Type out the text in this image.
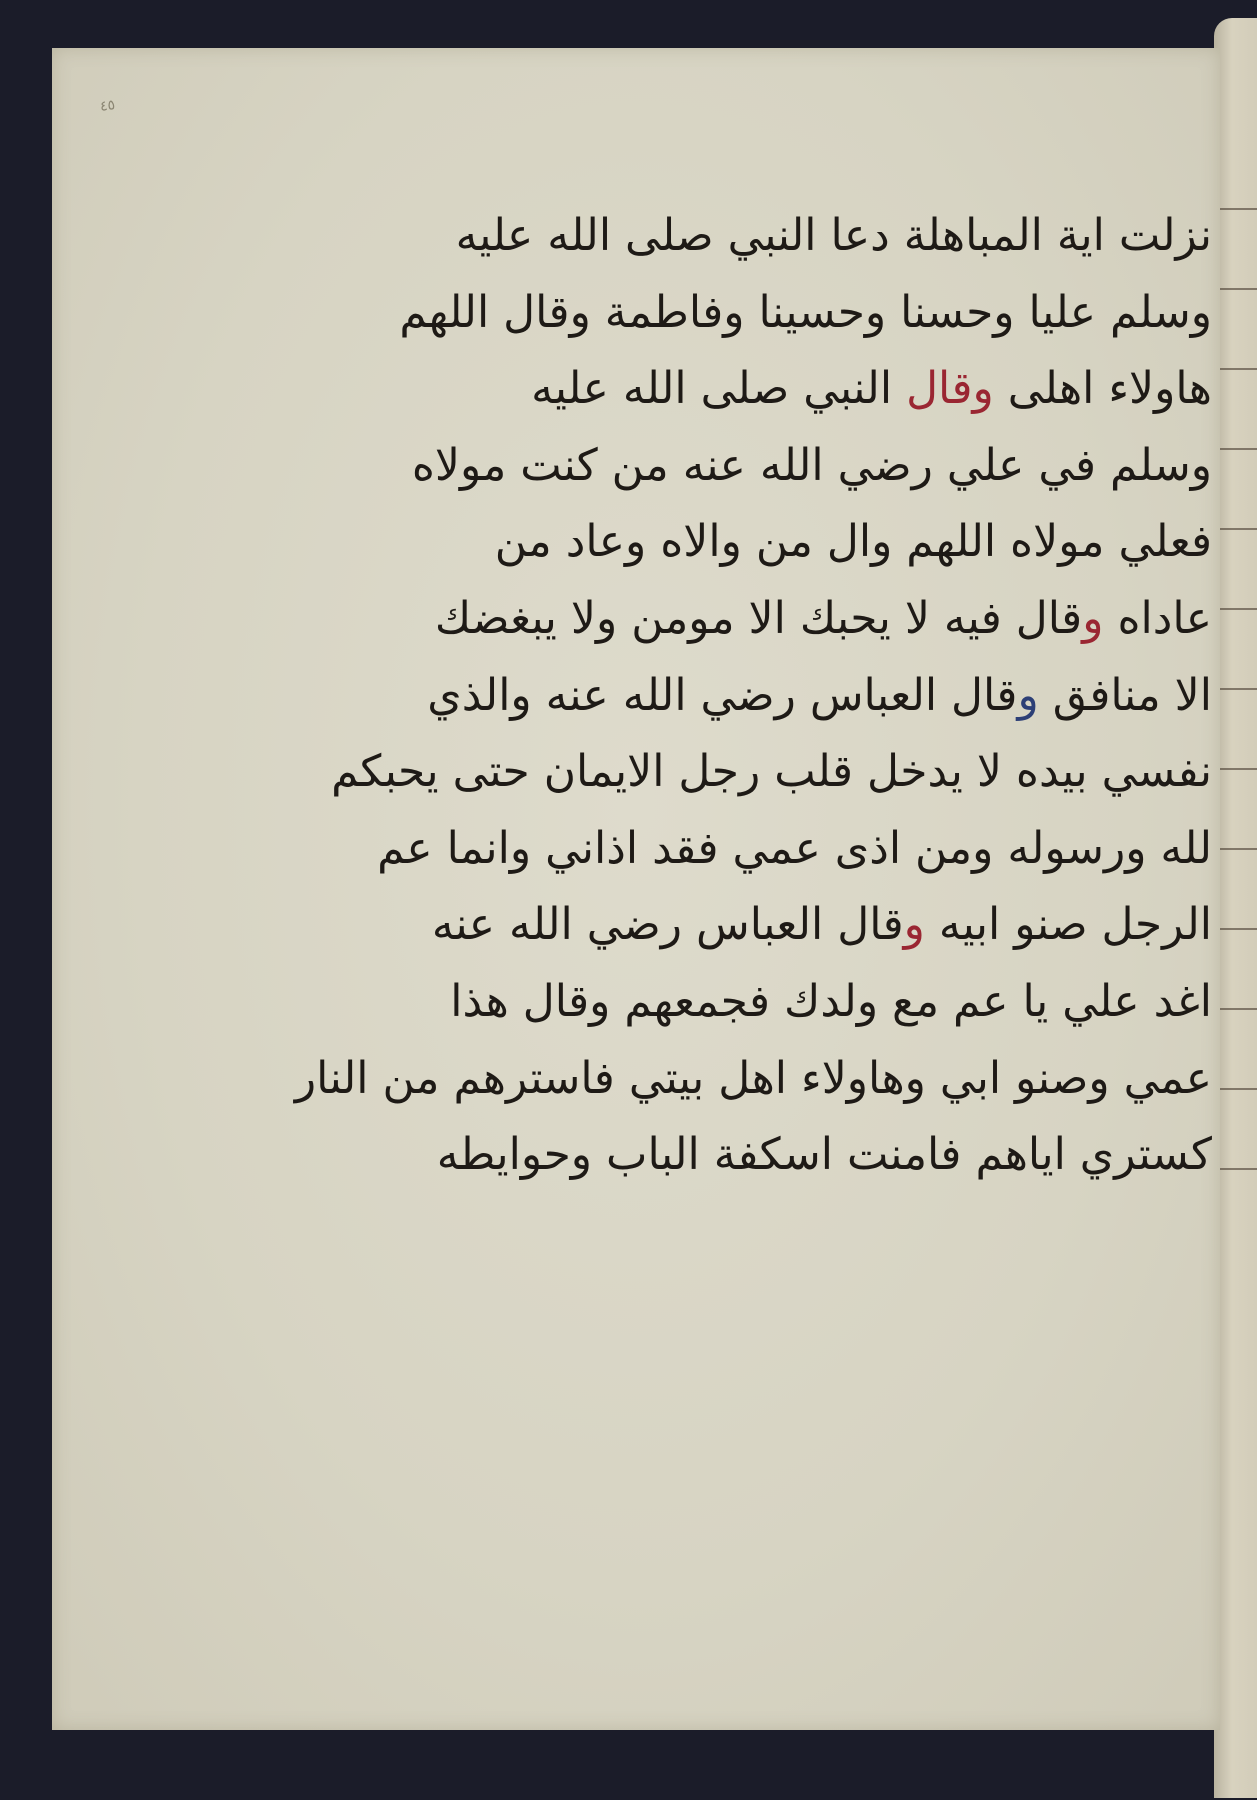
٤٥
نزلت اية المباهلة دعا النبي صلى الله عليه
وسلم عليا وحسنا وحسينا وفاطمة وقال اللهم
هاولاء اهلى وقال النبي صلى الله عليه
وسلم في علي رضي الله عنه من كنت مولاه
فعلي مولاه اللهم وال من والاه وعاد من
عاداه وقال فيه لا يحبك الا مومن ولا يبغضك
الا منافق وقال العباس رضي الله عنه والذي
نفسي بيده لا يدخل قلب رجل الايمان حتى يحبكم
لله ورسوله ومن اذى عمي فقد اذاني وانما عم
الرجل صنو ابيه وقال العباس رضي الله عنه
اغد علي يا عم مع ولدك فجمعهم وقال هذا
عمي وصنو ابي وهاولاء اهل بيتي فاسترهم من النار
كستري اياهم فامنت اسكفة الباب وحوايطه
